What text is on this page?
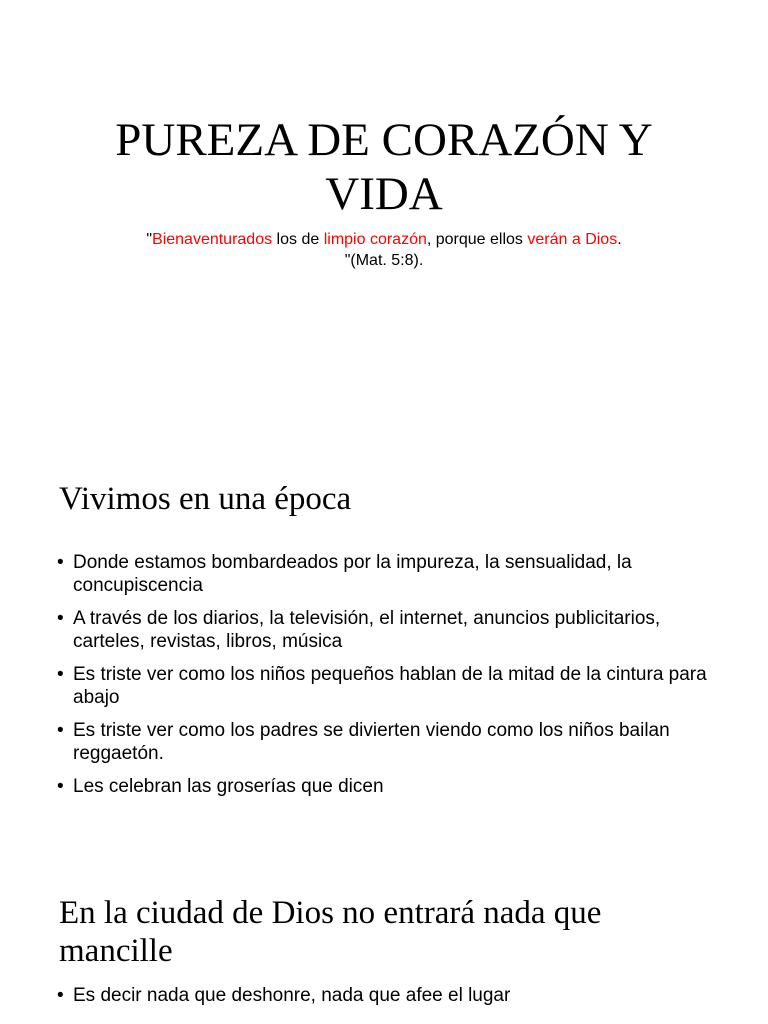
PUREZA DE CORAZÓN Y
VIDA

"Bienaventurados los de limpio corazón, porque ellos verán a Dios.
"(Mat. 5:8).

Vivimos en una época
• Donde estamos bombardeados por la impureza, la sensualidad, la concupiscencia
• A través de los diarios, la televisión, el internet, anuncios publicitarios, carteles, revistas, libros, música
• Es triste ver como los niños pequeños hablan de la mitad de la cintura para abajo
• Es triste ver como los padres se divierten viendo como los niños bailan reggaetón.
• Les celebran las groserías que dicen
En la ciudad de Dios no entrará nada que mancille
• Es decir nada que deshonre, nada que afee el lugar
